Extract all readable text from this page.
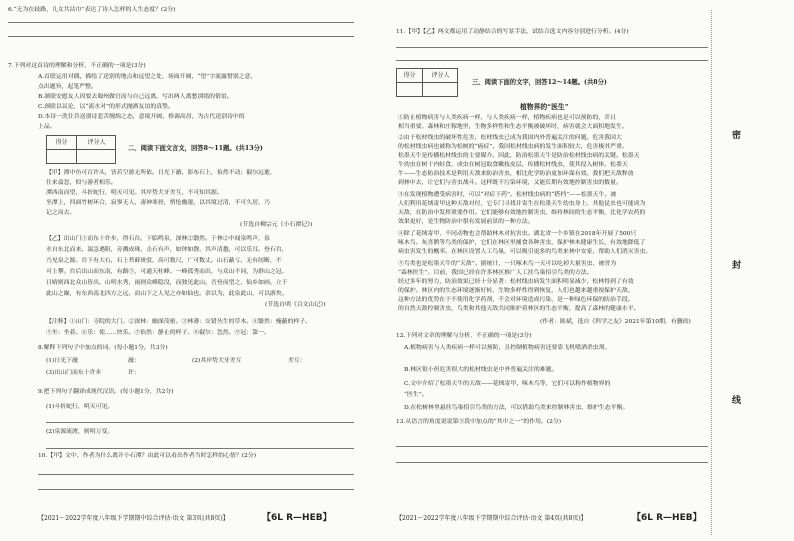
6.“无为在歧路，儿女共沾巾”表达了诗人怎样的人生态度？(2分)
7.下列对这首诗的理解和分析，不正确的一项是(3分)
A.首联运用对偶，描绘了送别的地点和远望之处，场面开阔，“望”字流露惜别之意，
点出题旨，起笔严整。
B.颔联安慰友人因要去蜀州做官而与自己远离，写出两人离愁别绪的情谊。
C.颈联以议论，以“流水对”的形式抛洒友谊的真挚。
D.本诗一洗往昔送别诗悲苦缠绵之态，意境开阔，格调高昂，为古代送别诗中的
上品。
得分	评分人
二、阅读下面文言文，回答8～11题。(共13分)
【甲】潭中鱼可百许头，皆若空游无所依。日光下澈，影布石上，佁然不动；俶尔远逝，
往来翕忽，似与游者相乐。
潭西南而望，斗折蛇行，明灭可见。其岸势犬牙差互，不可知其源。
坐潭上，四面竹树环合，寂寥无人，凄神寒骨，悄怆幽邃。以其境过清，不可久居，乃
记之而去。
(节选自柳宗元《小石潭记》)
【乙】出山门①而东十许步，得石台。下临鸣泉，深林②翳然。于林②中闻泉鸣声，泉
水自东北而来，湍急遇阻，旁溅成珠，击石有声，如钟如磬。其声清越，可以乐耳。登石台，
乃见泉之源。台下有大石，石上苔藓斑驳，高可数尺，广可数丈。山石蔽亏，无有间断，不
可上攀。台后出山而东南，有路⑤，可通天柱峰。一峰孤秀而出，与众山不同，为群山之冠。
日晴则西北众山皆出，山明水秀，雨则众峰隐没，而独见此山。吾登而望之，仙乡如画。立于
此山之巅，有东西南北四方之远，而山下之人见之亦如仙也。余以为，此泉此山，可以游矣。
(节选自明《百文山记》)
【注释】①山门：寺院的大门。②深林：幽深茂密。③林薄：交错丛生的草木。④翳然：掩蔽的样子。
⑤坐：坐着。⑥乐：使……快乐。⑦佁然：静止的样子。⑧俶尔：忽然。⑨冠：第一。
8.解释下列句子中加点的词。(每小题1分，共3分)
(1)日光下澈	澈：	(2)其岸势犬牙差互	差互：
(3)出山门而东十许步	许：
9.把下列句子翻译成现代汉语。(每小题1分，共2分)
(1)斗折蛇行，明灭可见。
(2)泉源流渡，则明万变。
10.【甲】文中，作者为什么离开小石潭？由此可以看出作者当时怎样的心情？(2分)
【2021～2022学年度八年级下学期期中综合评估·语文 第3页(共8页)】	【6L R—HEB】
11.【甲】【乙】两文都运用了动静结合的写景手法，试结合选文内容分别进行分析。(4分)
得分	评分人
三、阅读下面的文字，回答12～14题。(共8分)
植物界的“医生”
①防止植物病害与人类疾病一样，与人类疾病一样，植物疾病也是可以预防的，并且
相当重要。森林和庄稼地里，生物多样性和生态平衡被破坏时，病害就会大面积地发生。
②由于松材线虫的破坏性危害，松材线虫已成为我国内外普遍关注的问题。危害我国大
的松材线虫病也被称为松树的“癌症”，我国松材线虫病的发生面积较大，危害极其严重。
松墨天牛是传播松材线虫的主要媒介。因此，防治松墨天牛是防治松材线虫病的关键。松墨天
牛幼虫在树干内蛀食，成虫在树冠取食嫩枝皮层，传播松材线虫，使其侵入树体。松墨天
牛——生态防治技术是利用天敌来防治害虫，相比化学防治更加环保有效。我们把天敌释放
到林中去，让它们与害虫战斗。这样既不污染环境，又能长期有效地控制害虫的数量。
③在发现植物遭受病害时，可以“对症下药”。松材线虫病的“搭档”——松墨天牛，被
人们利用花绒寄甲这种天敌对付，它专门寻找并寄生在松墨天牛幼虫身上。其他昆虫也可能成为
天敌，在防治中发挥重要作用。它们能够有效地控制害虫，维持林间的生态平衡，比化学农药的
效果更好，是生物防治中很有发展前景的一种方法。
④除了花绒寄甲，不同动物也会帮助林木对抗害虫。湖北省一个乡镇在2018年开展了500只
啄木鸟、灰喜鹊等鸟类的保护，它们在林区里捕食各种害虫，保护林木健康生长，有效地降低了
病虫害发生的概率。在林区设置人工鸟巢，可以吸引更多的鸟类来林中安家，帮助人们消灭害虫。
⑤鸟类也是松墨天牛的“天敌”。据统计，一只啄木鸟一天可以吃掉大量害虫，被誉为
“森林医生”。目前，我国已经在许多林区推广人工挂鸟巢招引鸟类的方法。
经过多年的努力，防治效果已经十分显著：松材线虫病发生面积明显减少，松林得到了有效
的保护。林区内的生态环境逐渐好转，生物多样性得到恢复，人们也越来越重视保护天敌。
这种方法的优势在于不使用化学药剂，不会对环境造成污染，是一种绿色环保的防治手段。
的自然天敌控制害虫，鸟类和其他天敌共同维护着林区的生态平衡，提高了森林的健康水平。
(作者：陈斌，选自《科学之友》2021年第10期，有删改)
12.下列对文章的理解与分析，不正确的一项是(3分)
A.植物病害与人类疾病一样可以预防，且控制植物病害还要靠飞机喷洒杀虫剂。
B.林区很小但危害很大的松材线虫是中外普遍关注的难题。
C.文中介绍了松墨天牛的天敌——花绒寄甲、啄木鸟等，它们可以称作植物界的
“医生”。
D.在松树林里悬挂鸟巢招引鸟类的方法，可以借助鸟类来控制林害虫，维护生态平衡。
13.从语言的角度说说第③段中加点的“其中之一”的作用。(2分)
【2021～2022学年度八年级下学期期中综合评估·语文 第4页(共8页)】	【6L R—HEB】
密
封
线
